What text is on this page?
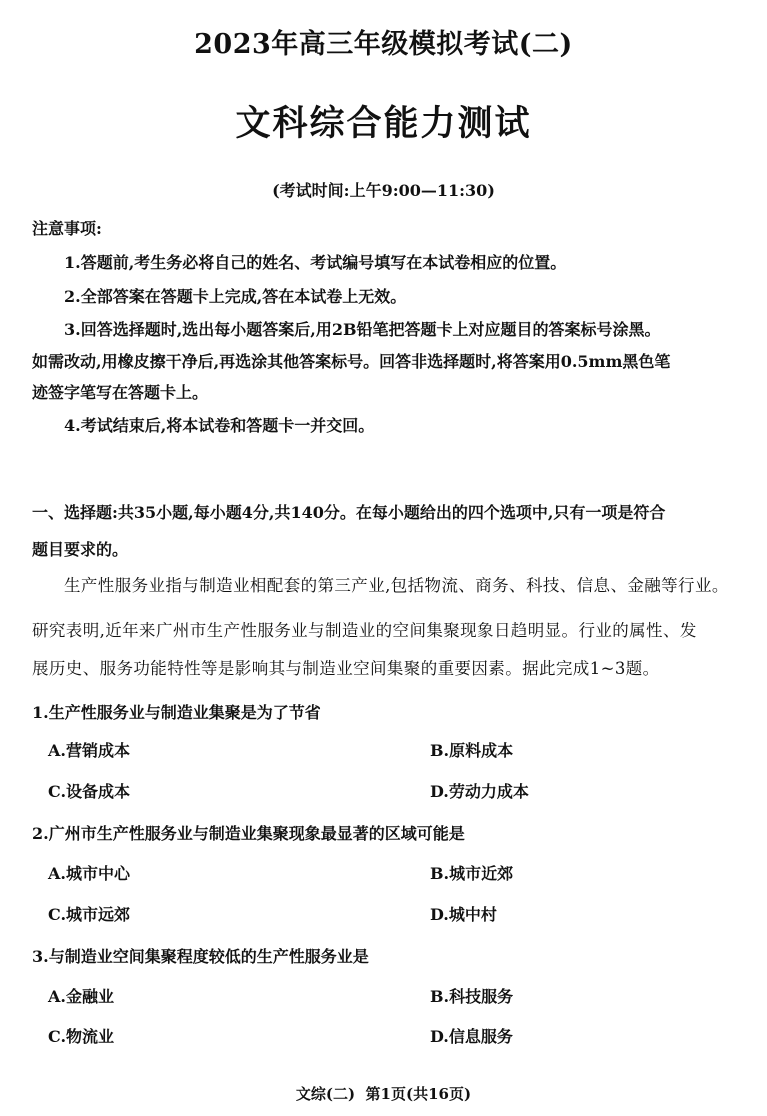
2023年高三年级模拟考试(二)
文科综合能力测试
(考试时间:上午9:00—11:30)
注意事项:
1.答题前,考生务必将自己的姓名、考试编号填写在本试卷相应的位置。
2.全部答案在答题卡上完成,答在本试卷上无效。
3.回答选择题时,选出每小题答案后,用2B铅笔把答题卡上对应题目的答案标号涂黑。
如需改动,用橡皮擦干净后,再选涂其他答案标号。回答非选择题时,将答案用0.5mm黑色笔
迹签字笔写在答题卡上。
4.考试结束后,将本试卷和答题卡一并交回。
一、选择题:共35小题,每小题4分,共140分。在每小题给出的四个选项中,只有一项是符合
题目要求的。
生产性服务业指与制造业相配套的第三产业,包括物流、商务、科技、信息、金融等行业。
研究表明,近年来广州市生产性服务业与制造业的空间集聚现象日趋明显。行业的属性、发
展历史、服务功能特性等是影响其与制造业空间集聚的重要因素。据此完成1~3题。
1.生产性服务业与制造业集聚是为了节省
A.营销成本	B.原料成本
C.设备成本	D.劳动力成本
2.广州市生产性服务业与制造业集聚现象最显著的区域可能是
A.城市中心	B.城市近郊
C.城市远郊	D.城中村
3.与制造业空间集聚程度较低的生产性服务业是
A.金融业	B.科技服务
C.物流业	D.信息服务
文综(二)  第1页(共16页)
